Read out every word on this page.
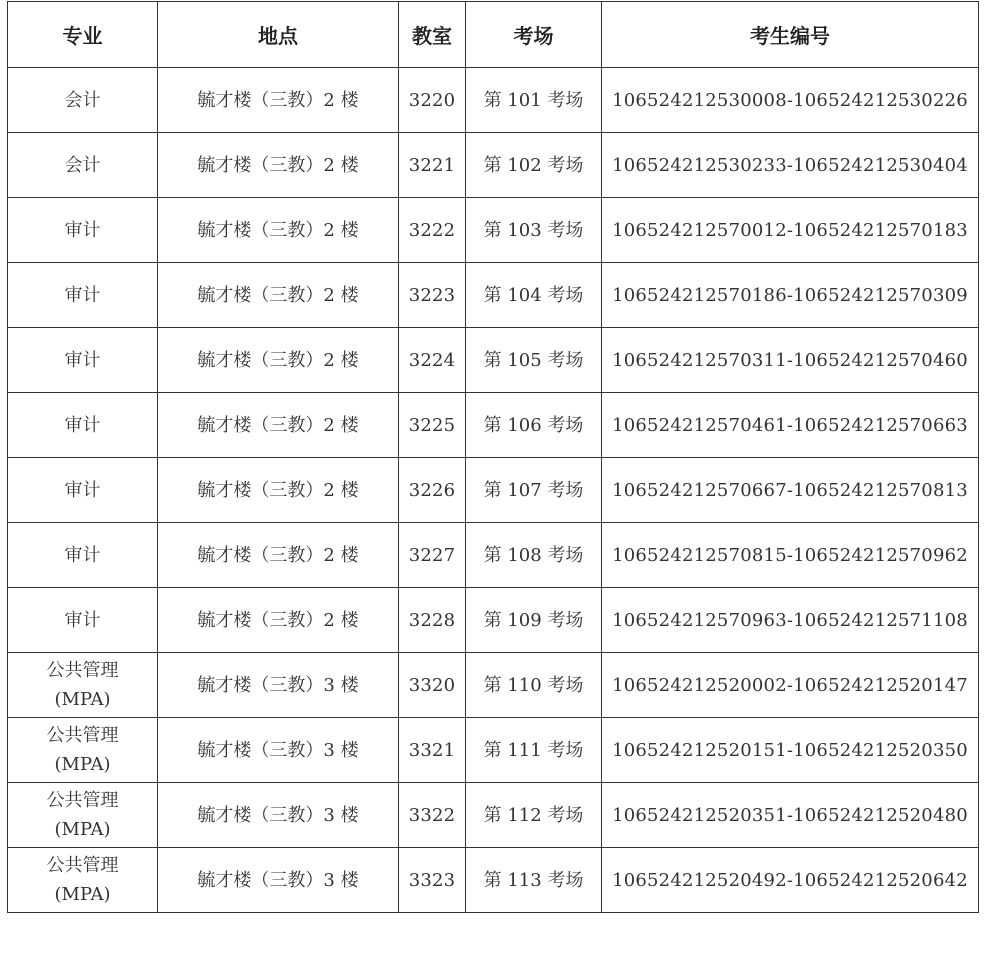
专业	地点	教室	考场	考生编号
会计	毓才楼（三教）2 楼	3220	第 101 考场	106524212530008-106524212530226
会计	毓才楼（三教）2 楼	3221	第 102 考场	106524212530233-106524212530404
审计	毓才楼（三教）2 楼	3222	第 103 考场	106524212570012-106524212570183
审计	毓才楼（三教）2 楼	3223	第 104 考场	106524212570186-106524212570309
审计	毓才楼（三教）2 楼	3224	第 105 考场	106524212570311-106524212570460
审计	毓才楼（三教）2 楼	3225	第 106 考场	106524212570461-106524212570663
审计	毓才楼（三教）2 楼	3226	第 107 考场	106524212570667-106524212570813
审计	毓才楼（三教）2 楼	3227	第 108 考场	106524212570815-106524212570962
审计	毓才楼（三教）2 楼	3228	第 109 考场	106524212570963-106524212571108

公共管理
(MPA)	毓才楼（三教）3 楼	3320	第 110 考场	106524212520002-106524212520147

公共管理
(MPA)	毓才楼（三教）3 楼	3321	第 111 考场	106524212520151-106524212520350

公共管理
(MPA)	毓才楼（三教）3 楼	3322	第 112 考场	106524212520351-106524212520480

公共管理
(MPA)	毓才楼（三教）3 楼	3323	第 113 考场	106524212520492-106524212520642
